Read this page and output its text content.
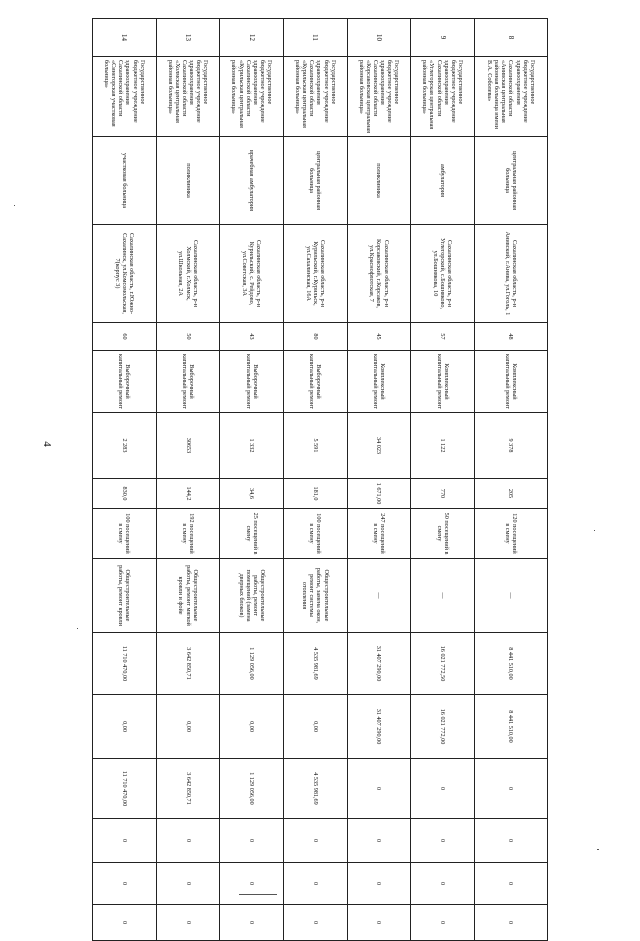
4
8	Государственное бюджетное учреждение здравоохранения Сахалинской области «Анивская центральная районная больница имени В.А. Соболева»	центральная районная больница	Сахалинская область, р-н Анивский, г.Анива, ул.Гоголь, 1	48	Комплексный капитальный ремонт	9 378	205	120 посещений в смену	—	8 441 510,00	8 441 510,00	0	0	0	0
9	Государственное бюджетное учреждение здравоохранения Сахалинской области «Углегорская центральная районная больница»	амбулатория	Сахалинская область, р-н Углегорский, с.Бошняково, ул.Бошнякова, 10	57	Комплексный капитальный ремонт	1 122	770	50 посещений в смену	—	16 021 772,50	16 021 772,00	0	0	0	0
10	Государственное бюджетное учреждение здравоохранения Сахалинской области «Корсаковская центральная районная больница»	поликлиника	Сахалинская область, р-н Корсаковский, г.Корсаков, ул.Краснофлотская, 7	45	Комплексный капитальный ремонт	34 023	1 671,00	247 посещений в смену	—	31 407 290,00	31 407 290,00	0	0	0	0
11	Государственное бюджетное учреждение здравоохранения Сахалинской области «Курильская центральная районная больница»	центральная районная больница	Сахалинская область, р-н Курильский, г.Курильск, ул.Сахалинская, 16А	80	Выборочный капитальный ремонт	5 591	181,0	100 посещений в смену	Общестроительные работы, замена окон, ремонт системы отопления	4 535 981,69	0,00	4 535 981,69	0	0	0
12	Государственное бюджетное учреждение здравоохранения Сахалинской области «Курильская центральная районная больница»	врачебная амбулатория	Сахалинская область, р-н Курильский, с. Рейдово, ул.Советская, 3А	43	Выборочный капитальный ремонт	1 332	34,6	25 посещений в смену	Общестроительные работы, ремонт помещений (замена дверных блоков)	1 129 056,00	0,00	1 129 056,00	0	0	0
13	Государственное бюджетное учреждение здравоохранения Сахалинской области «Холмская центральная районная больница»	поликлиника	Сахалинская область, р-н Холмский, г.Холмск, ул.Школьная, 2А	50	Выборочный капитальный ремонт	30653	144,2	192 посещений в смену	Общестроительные работы, ремонт мягкой кровли и фойе	3 642 850,71	0,00	3 642 850,71	0	0	0
14	Государственное бюджетное учреждение здравоохранения Сахалинской области «Синегорская участковая больница»	участковая больница	Сахалинская область, г.Южно-Сахалинск, ул.Комсомольская, 7(корпус 3)	60	Выборочный капитальный ремонт	2 283	830,0	100 посещений в смену	Общестроительные работы, ремонт кровли	11 710 470,00	0,00	11 710 470,00	0	0	0
